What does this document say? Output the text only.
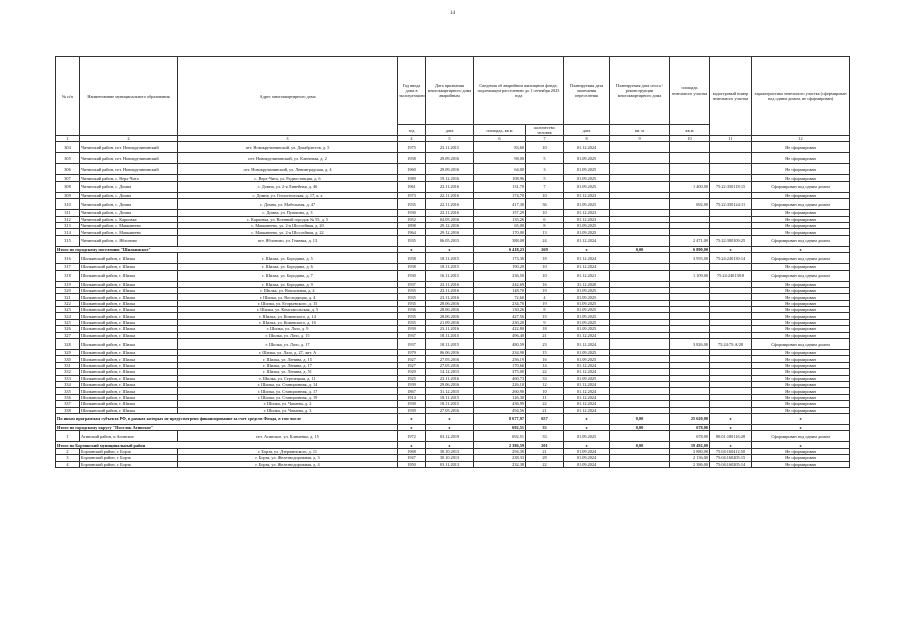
14
№ п/п	Наименование муниципального образования	Адрес многоквартирного дома	Год ввода дома в эксплуатацию	Дата признания многоквартирного дома аварийным	Сведения об аварийном жилищном фонде, подлежащем расселению до 1 сентября 2025 года		Планируемая дата окончания переселения	Планируемая дата сноса / реконструкции многоквартирного дома	площадь земельного участка	кадастровый номер земельного участка	характеристика земельного участка (сформирован под одним домом, не сформирован)
			год	дата	площадь, кв.м	количество человек	дата	кв. м	кв.м		
1	2	3	4	5	6	7	8	9	10	11	12
304	Читинский район, пгт. Новокручининский	пгт. Новокручининский, ул. Декабристов, д. 5	1975	23.11.2015	83,60	10	01.12.2024				Не сформирован
305	Читинский район, пгт. Новокручининский	пгт. Новокручининский, ул. Ключевая, д. 2	1958	29.09.2016	98,00	5	01.09.2025				Не сформирован
306	Читинский район, пгт. Новокручининский	пгт. Новокручининский, ул. Ленинградская, д. 4	1960	29.09.2016	64,00	3	01.09.2025				Не сформирован
307	Читинский район, с. Верх-Чита	с. Верх-Чита, ул. Радиостанция, д. 6	1989	19.12.2016	108,96	5	01.09.2025				Не сформирован
308	Читинский район, с. Домна	с. Домна, ул. 2-я Линейная, д. 46	1961	23.11.2016	131,70	7	01.09.2025		1 400,00	75:22:350118:15	Сформирован под одним домом
309	Читинский район, с. Домна	с. Домна, ул. Геологическая, д. 17, к. а	1973	22.11.2016	174,70	10	01.12.2023				Не сформирован
310	Читинский район, с. Домна	с. Домна, ул. Мабельная, д. 47	1935	22.11.2016	417,30	36	01.09.2025		692,00	75:22:350124:11	Сформирован под одним домом
311	Читинский район, с. Домна	с. Домна, ул. Пушкина, д. 3	1930	23.11.2016	157,29	10	01.12.2023				Не сформирован
312	Читинский район, с. Карповка	с. Карповка, ул. Военный городок № 55, д. 5	1952	04.05.2016	135,26	6	01.12.2023				Не сформирован
313	Читинский район, с. Маккавеево	с. Маккавеево, ул. 2-я Шоссейная, д. 20	1898	29.12.2016	65,00	8	01.09.2025				Не сформирован
314	Читинский район, с. Маккавеево	с. Маккавеево, ул. 2-я Шоссейная, д. 22	1964	29.12.2016	170,00	13	01.09.2025				Не сформирован
315	Читинский район, с. Яблоново	пгт. Яблоново, ул. Гнаевка, д. 13	1935	06.05.2015	388,08	24	01.12.2024		2 471,00	75:22:380109:25	Сформирован под одним домом
Итого по городскому поселению "Шилкинское"			x	x	6 418,23	269	x	0,00	6 890,00	x	x
316	Шилкинский район, г. Шилка	г. Шилка, ул. Бородина, д. 5	1958	18.11.2015	173,30	18	01.12.2024		3 955,00	75:24:240130:14	Сформирован под одним домом
317	Шилкинский район, г. Шилка	г. Шилка, ул. Бородина, д. 6	1938	18.11.2015	190,20	10	01.12.2024				Не сформирован
318	Шилкинский район, г. Шилка	г. Шилка, ул. Бородина, д. 7	1930	16.11.2015	236,50	10	01.12.2021		1 109,00	75:24:240138:8	Сформирован под одним домом
319	Шилкинский район, г. Шилка	г. Шилка, ул. Бородина, д. 9	1937	23.11.2016	242,69	16	31.12.2020				Не сформирован
320	Шилкинский район, г. Шилка	г. Шилка, ул. Вокзальная, д. 4	1935	23.11.2016	148,70	19	01.09.2025				Не сформирован
321	Шилкинский район, г. Шилка	г. Шилка, ул. Восходящая, д. 4	1935	23.11.2016	72,60	4	01.09.2025				Не сформирован
322	Шилкинский район, г. Шилка	г. Шилка, ул. Егорьевского, д. 15	1935	28.06.2016	234,70	19	01.09.2025				Не сформирован
323	Шилкинский район, г. Шилка	г. Шилка, ул. Комсомольская, д. 5	1936	28.06.2016	130,26	8	01.09.2025				Не сформирован
324	Шилкинский район, г. Шилка	г. Шилка, ул. Кожевского, д. 14	1935	28.06.2016	427,56	15	01.09.2025				Не сформирован
325	Шилкинский район, г. Шилка	г. Шилка, ул. Кожевского, д. 16	1935	21.09.2016	230,20	9	01.09.2025				Не сформирован
326	Шилкинский район, г. Шилка	г. Шилка, ул. Лазо, д. 9	1939	23.11.2016	422,80	18	01.09.2025				Не сформирован
327	Шилкинский район, г. Шилка	г. Шилка, ул. Лазо, д. 15	1937	18.11.2015	496,40	21	01.12.2024				Не сформирован
328	Шилкинский район, г. Шилка	г. Шилка, ул. Лазо, д. 17	1937	18.11.2015	480,59	23	01.12.2024		3 826,00	75:24:75:А/28	Сформирован под одним домом
329	Шилкинский район, г. Шилка	г. Шилка, ул. Лазо, д. 27, лит. А	1979	06.06.2016	234,90	15	01.09.2025				Не сформирован
330	Шилкинский район, г. Шилка	г. Шилка, ул. Ленина, д. 15	1927	27.05.2016	256,19	16	01.09.2025				Не сформирован
331	Шилкинский район, г. Шилка	г. Шилка, ул. Ленина, д. 17	1927	27.05.2016	170,66	14	01.12.2024				Не сформирован
332	Шилкинский район, г. Шилка	г. Шилка, ул. Ленина, д. 51	1929	14.12.2015	375,00	22	01.12.2024				Не сформирован
333	Шилкинский район, г. Шилка	г. Шилка, ул. Стрелецкая, д. 11	1925	23.11.2016	460,73	33	01.09.2025				Не сформирован
334	Шилкинский район, г. Шилка	г. Шилка, ул. Станционная, д. 14	1939	29.06.2016	226,10	12	01.12.2024				Не сформирован
335	Шилкинский район, г. Шилка	г. Шилка, ул. Станционная, д. 17	1867	31.12.2015	260,90	10	01.12.2024				Не сформирован
336	Шилкинский район, г. Шилка	г. Шилка, ул. Станционная, д. 19	1914	18.11.2015	126,30	11	01.12.2024				Не сформирован
337	Шилкинский район, г. Шилка	г. Шилка, ул. Чапаева, д. 2	1939	18.11.2015	436,99	22	01.12.2024				Не сформирован
338	Шилкинский район, г. Шилка	г. Шилка, ул. Чапаева, д. 3	1939	27.05.2016	494,56	21	01.12.2024				Не сформирован
По иным программам субъекта РФ, в рамках которых не предусмотрено финансирование за счет средств Фонда, в том числе			x	x	8 677,97	657	x	0,00	25 620,00	x	x
Итого по городскому округу "Поселок Агинское"			x	x	692,51	33	x	0,00	678,00	x	x
1	Агинский район, п.Агинское	пгт. Агинское, ул. Клименко, д. 15	1972	03.12.2019	692,51	33	01.09.2025		678,00	80:01:180116:28	Сформирован под одним домом
Итого по Борзинский муниципальный район			x	x	2 386,59	201	x	0,00	19 492,00	x	x
2	Борзинский район, г. Борзя	г. Борзя, ул. Дзержинского, д. 11	1968	30.10.2013	294,30	21	01.09.2024		3 880,00	75:04:160412:50	Не сформирован
3	Борзинский район, г. Борзя	г. Борзя, ул. Железнодорожная, д. 3	1947	30.10.2013	238,33	28	01.09.2024		2 136,00	75:04:160205:15	Не сформирован
4	Борзинский район, г. Борзя	г. Борзя, ул. Железнодорожная, д. 4	1950	03.11.2013	232,38	22	01.09.2024		2 386,00	75:04:160205:14	Не сформирован
